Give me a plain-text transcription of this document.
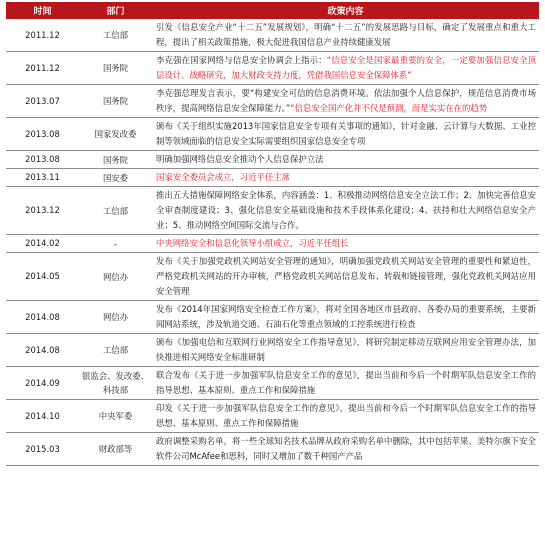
时间	部门	政策内容
2011.12	工信部	引发《信息安全产业“十二五”发展规划》，明确“十二五”的发展思路与目标，确定了发展重点和重大工程，提出了相关政策措施，极大促进我国信息产业持续健康发展
2011.12	国务院	李克强在国家网络与信息安全协调会上指示：“信息安全是国家最重要的安全，一定要加强信息安全顶层设计、战略研究，加大财政支持力度，凭借我国信息安全保障体系”
2013.07	国务院	李克强总理发言表示，要“构建安全可信的信息消费环境。依法加强个人信息保护，规范信息消费市场秩序，提高网络信息安全保障能力。”“信息安全国产化并不仅是预测，而是实实在在的趋势
2013.08	国家发改委	颁布《关于组织实施2013年国家信息安全专项有关事项的通知》，针对金融、云计算与大数据、工业控制等领域面临的信息安全实际需要组织国家信息安全专项
2013.08	国务院	明确加强网络信息安全推动个人信息保护立法
2013.11	国安委	国家安全委员会成立，习近平任主席
2013.12	工信部	推出五大措施保障网络安全体系，内容涵盖：1、积极推动网络信息安全立法工作；2、加快完善信息安全审查制度建设；3、强化信息安全基础设施和技术手段体系化建设；4、扶持和壮大网络信息安全产业；5、推动网络空间国际交流与合作。
2014.02	-	中央网络安全和信息化领导小组成立，习近平任组长
2014.05	网信办	发布《关于加强党政机关网站安全管理的通知》，明确加强党政机关网站安全管理的重要性和紧迫性，严格党政机关网站的开办审核，严格党政机关网站信息发布、转载和链接管理，强化党政机关网站应用安全管理
2014.08	网信办	发布《2014年国家网络安全检查工作方案》，将对全国各地区市县政府、各委办局的重要系统，主要新闻网站系统，涉及轨道交通、石油石化等重点领域的工控系统进行检查
2014.08	工信部	颁布《加强电信和互联网行业网络安全工作指导意见》，将研究制定移动互联网应用安全管理办法，加快推进相关网络安全标准研制
2014.09	银监会、发改委、科技部	联合发布《关于进一步加强军队信息安全工作的意见》，提出当前和今后一个时期军队信息安全工作的指导思想、基本原则、重点工作和保障措施
2014.10	中央军委	印发《关于进一步加强军队信息安全工作的意见》，提出当前和今后一个时期军队信息安全工作的指导思想、基本原则、重点工作和保障措施
2015.03	财政部等	政府调整采购名单，将一些全球知名技术品牌从政府采购名单中删除，其中包括苹果、美特尔旗下安全软件公司McAfee和思科，同时又增加了数千种国产产品
